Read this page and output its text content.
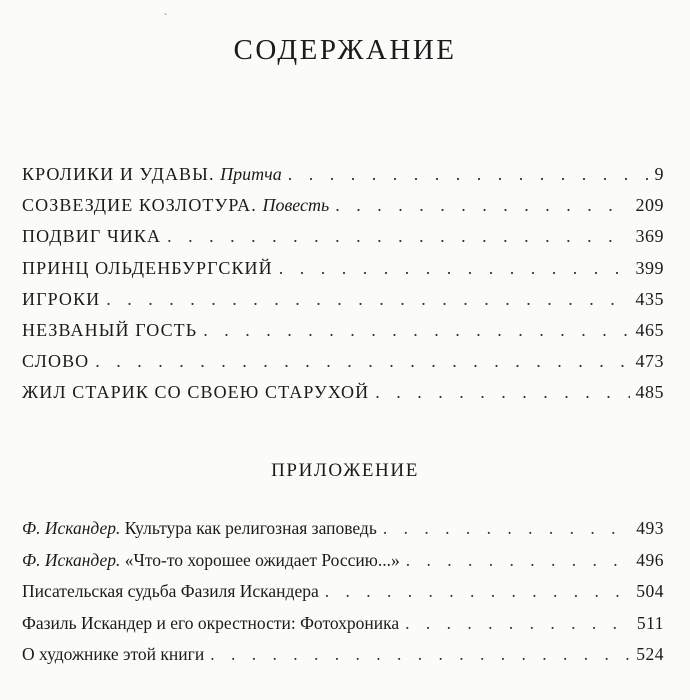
˘
СОДЕРЖАНИЕ
КРОЛИКИ И УДАВЫ. Притча . . .	9
СОЗВЕЗДИЕ КОЗЛОТУРА. Повесть . . .	209
ПОДВИГ ЧИКА . . .	369
ПРИНЦ ОЛЬДЕНБУРГСКИЙ . . .	399
ИГРОКИ . . .	435
НЕЗВАНЫЙ ГОСТЬ . . .	465
СЛОВО . . .	473
ЖИЛ СТАРИК СО СВОЕЮ СТАРУХОЙ . . .	485
ПРИЛОЖЕНИЕ
Ф. Искандер. Культура как религозная заповедь . . .	493
Ф. Искандер. «Что-то хорошее ожидает Россию...» . . .	496
Писательская судьба Фазиля Искандера . . .	504
Фазиль Искандер и его окрестности: Фотохроника . . .	511
О художнике этой книги . . .	524
